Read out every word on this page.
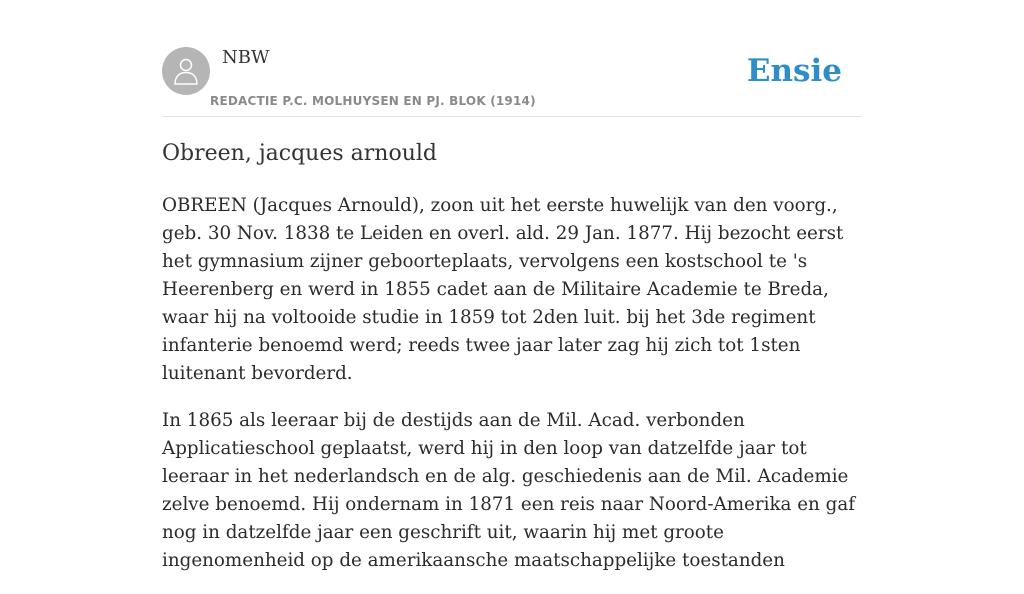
NBW
REDACTIE P.C. MOLHUYSEN EN PJ. BLOK (1914)
Ensie
Obreen, jacques arnould

OBREEN (Jacques Arnould), zoon uit het eerste huwelijk van den voorg., geb. 30 Nov. 1838 te Leiden en overl. ald. 29 Jan. 1877. Hij bezocht eerst het gymnasium zijner geboorteplaats, vervolgens een kostschool te 's Heerenberg en werd in 1855 cadet aan de Militaire Academie te Breda, waar hij na voltooide studie in 1859 tot 2den luit. bij het 3de regiment infanterie benoemd werd; reeds twee jaar later zag hij zich tot 1sten luitenant bevorderd.

In 1865 als leeraar bij de destijds aan de Mil. Acad. verbonden Applicatieschool geplaatst, werd hij in den loop van datzelfde jaar tot leeraar in het nederlandsch en de alg. geschiedenis aan de Mil. Academie zelve benoemd. Hij ondernam in 1871 een reis naar Noord-Amerika en gaf nog in datzelfde jaar een geschrift uit, waarin hij met groote ingenomenheid op de amerikaansche maatschappelijke toestanden
